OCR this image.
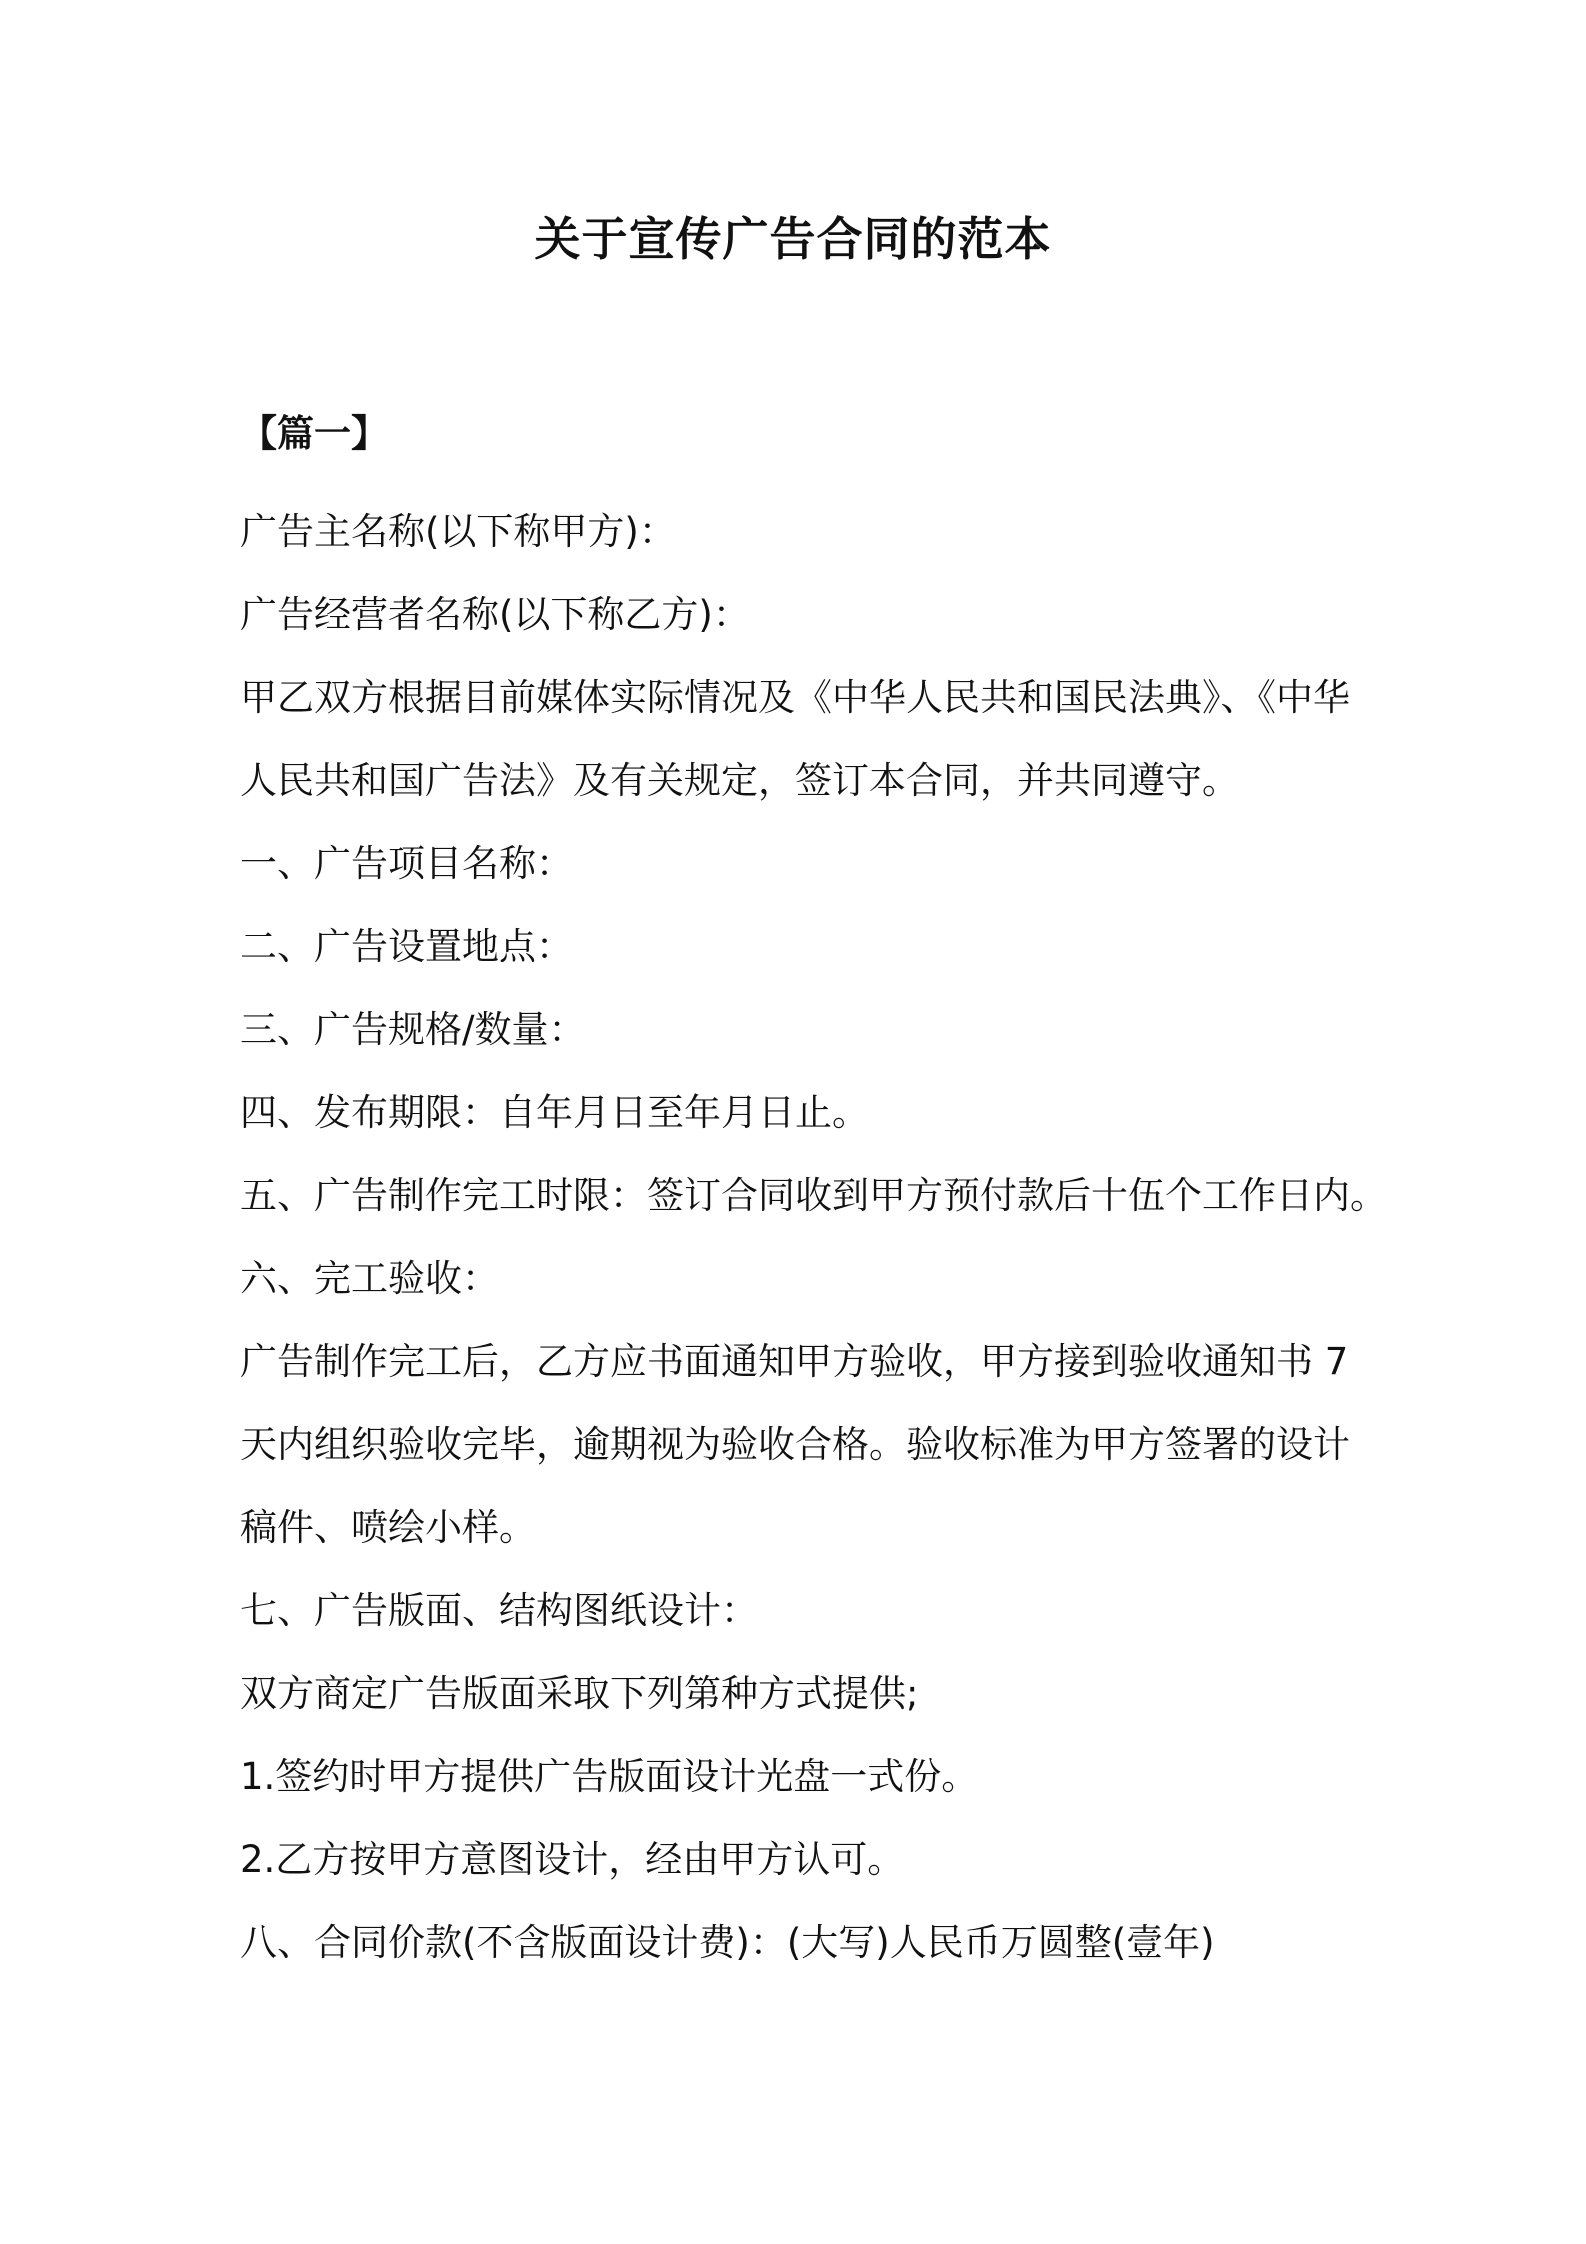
关于宣传广告合同的范本
【篇一】

广告主名称(以下称甲方)：

广告经营者名称(以下称乙方)：

甲乙双方根据目前媒体实际情况及《中华人民共和国民法典》、《中华人民共和国广告法》及有关规定，签订本合同，并共同遵守。

一、广告项目名称：

二、广告设置地点：

三、广告规格/数量：

四、发布期限：自年月日至年月日止。

五、广告制作完工时限：签订合同收到甲方预付款后十伍个工作日内。

六、完工验收：

广告制作完工后，乙方应书面通知甲方验收，甲方接到验收通知书 7 天内组织验收完毕，逾期视为验收合格。验收标准为甲方签署的设计稿件、喷绘小样。

七、广告版面、结构图纸设计：

双方商定广告版面采取下列第种方式提供;

1.签约时甲方提供广告版面设计光盘一式份。

2.乙方按甲方意图设计，经由甲方认可。

八、合同价款(不含版面设计费)：(大写)人民币万圆整(壹年)
